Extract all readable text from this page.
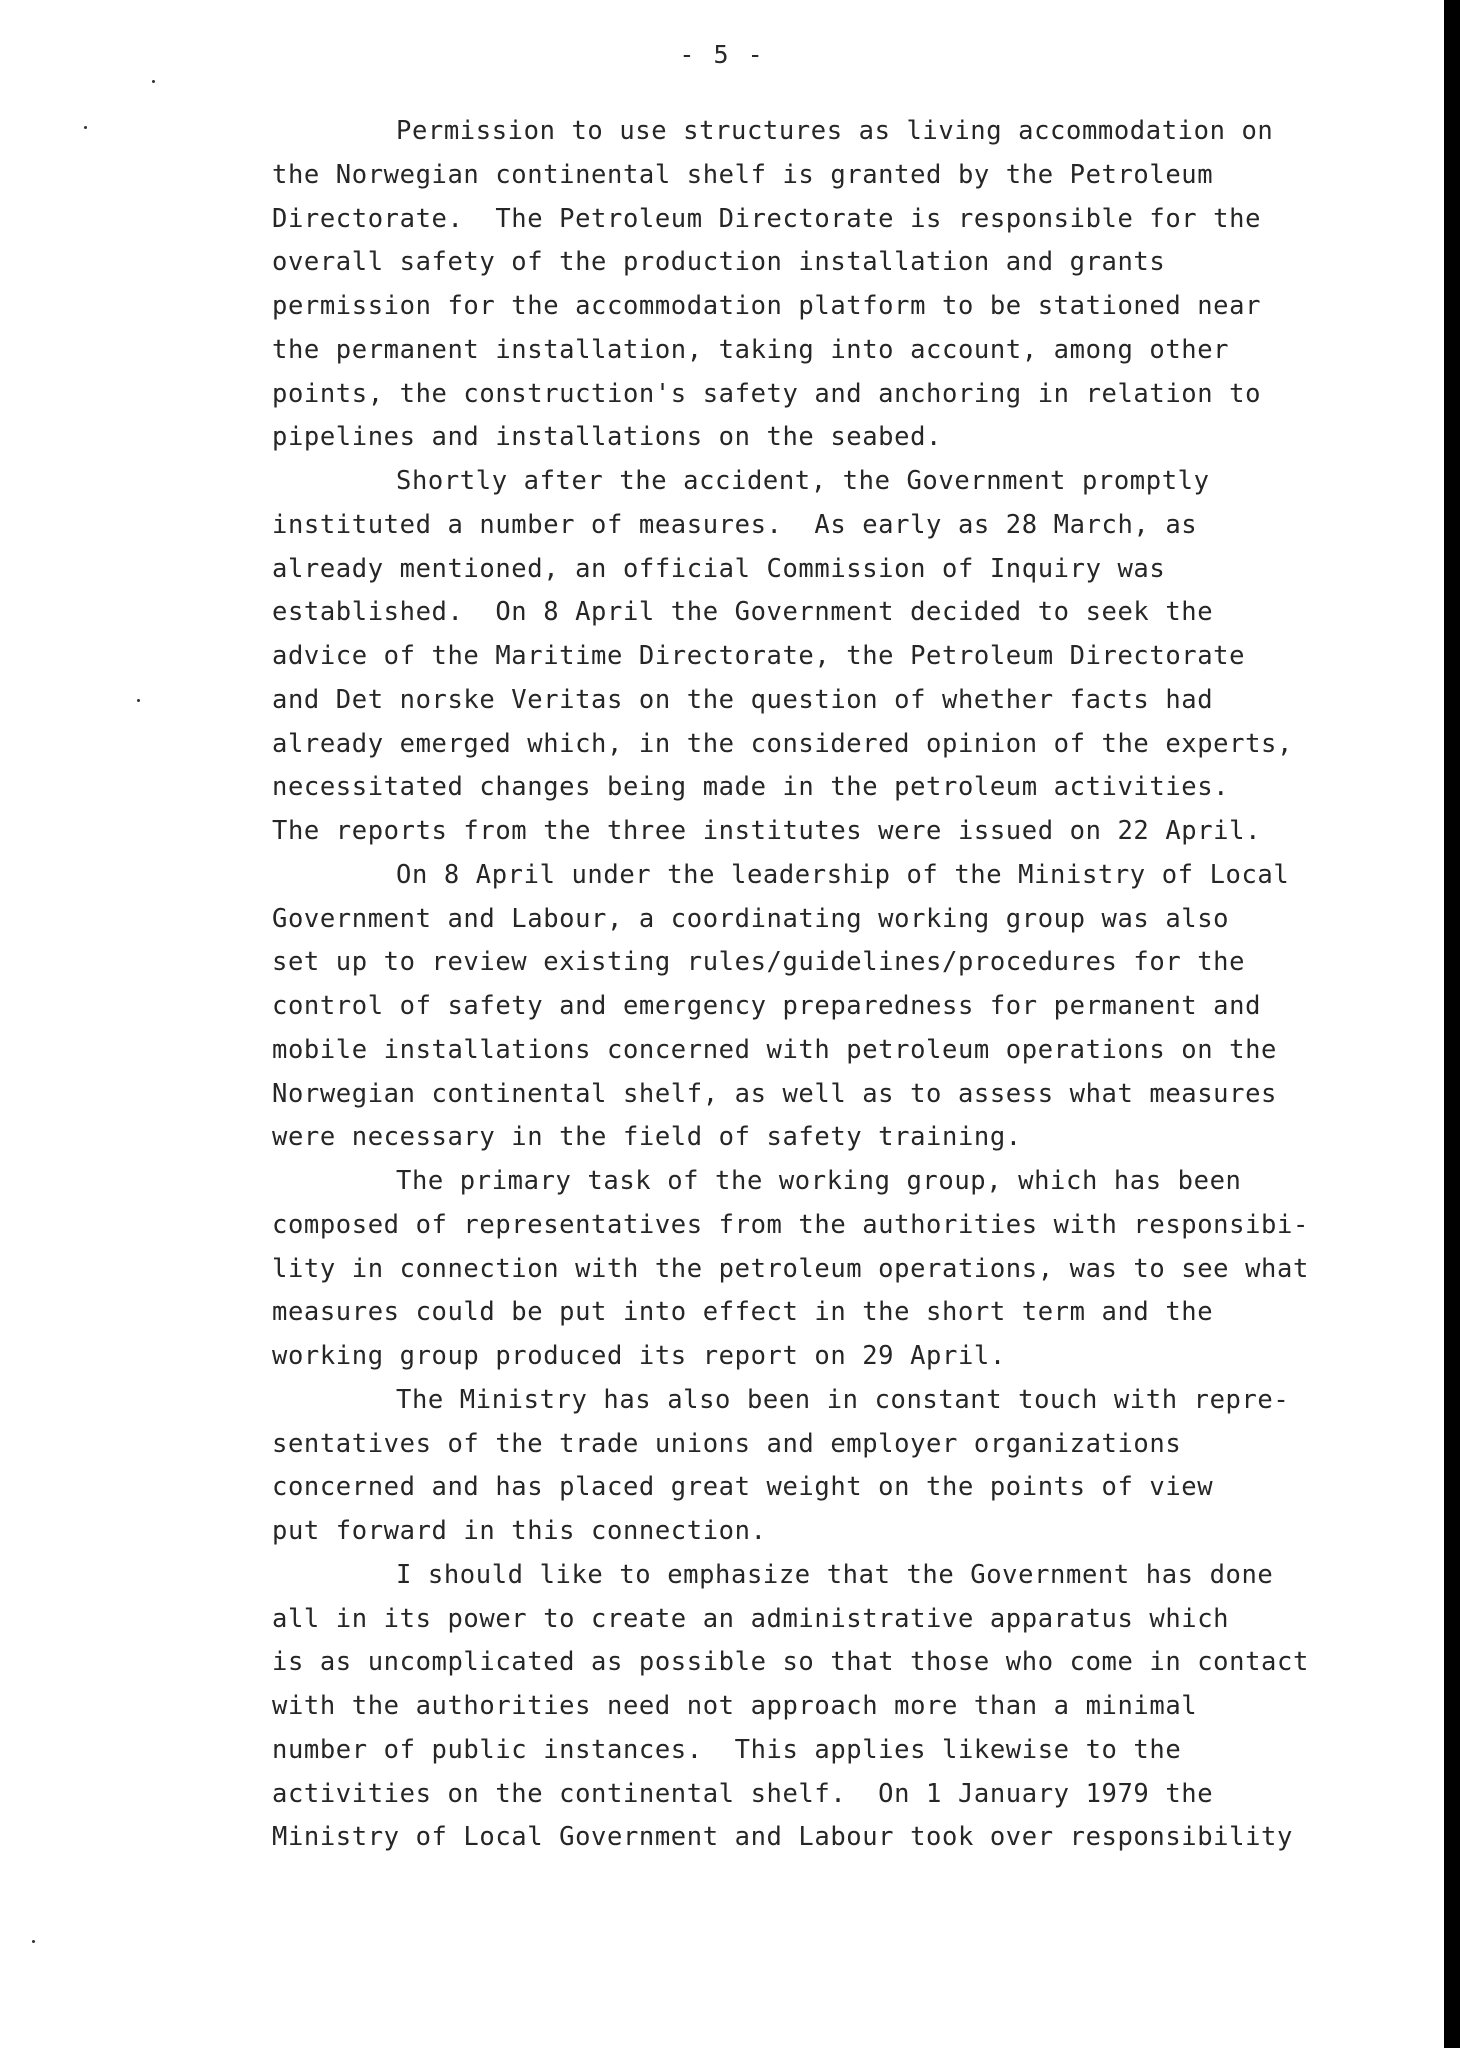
- 5 -
Permission to use structures as living accommodation on
the Norwegian continental shelf is granted by the Petroleum
Directorate.  The Petroleum Directorate is responsible for the
overall safety of the production installation and grants
permission for the accommodation platform to be stationed near
the permanent installation, taking into account, among other
points, the construction's safety and anchoring in relation to
pipelines and installations on the seabed.
Shortly after the accident, the Government promptly
instituted a number of measures.  As early as 28 March, as
already mentioned, an official Commission of Inquiry was
established.  On 8 April the Government decided to seek the
advice of the Maritime Directorate, the Petroleum Directorate
and Det norske Veritas on the question of whether facts had
already emerged which, in the considered opinion of the experts,
necessitated changes being made in the petroleum activities.
The reports from the three institutes were issued on 22 April.
On 8 April under the leadership of the Ministry of Local
Government and Labour, a coordinating working group was also
set up to review existing rules/guidelines/procedures for the
control of safety and emergency preparedness for permanent and
mobile installations concerned with petroleum operations on the
Norwegian continental shelf, as well as to assess what measures
were necessary in the field of safety training.
The primary task of the working group, which has been
composed of representatives from the authorities with responsibi-
lity in connection with the petroleum operations, was to see what
measures could be put into effect in the short term and the
working group produced its report on 29 April.
The Ministry has also been in constant touch with repre-
sentatives of the trade unions and employer organizations
concerned and has placed great weight on the points of view
put forward in this connection.
I should like to emphasize that the Government has done
all in its power to create an administrative apparatus which
is as uncomplicated as possible so that those who come in contact
with the authorities need not approach more than a minimal
number of public instances.  This applies likewise to the
activities on the continental shelf.  On 1 January 1979 the
Ministry of Local Government and Labour took over responsibility
